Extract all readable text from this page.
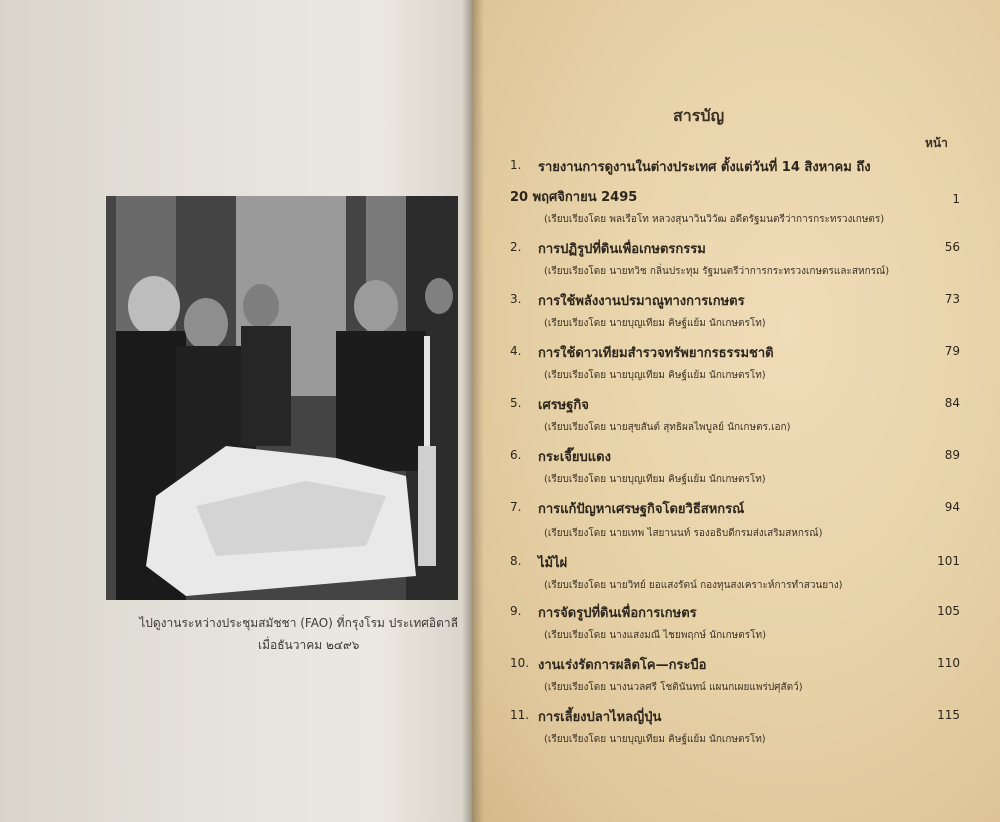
ไปดูงานระหว่างประชุมสมัชชา (FAO) ที่กรุงโรม ประเทศอิตาลี
เมื่อธันวาคม ๒๔๙๖
สารบัญ
หน้า
1. รายงานการดูงานในต่างประเทศ ตั้งแต่วันที่ 14 สิงหาคม ถึง
20 พฤศจิกายน 2495	1
(เรียบเรียงโดย พลเรือโท หลวงสุนาวินวิวัฒ อดีตรัฐมนตรีว่าการกระทรวงเกษตร)
2. การปฏิรูปที่ดินเพื่อเกษตรกรรม	56
(เรียบเรียงโดย นายทวิช กลิ่นประทุม รัฐมนตรีว่าการกระทรวงเกษตรและสหกรณ์)
3. การใช้พลังงานปรมาณูทางการเกษตร	73
(เรียบเรียงโดย นายบุญเทียม คิษฐ์แย้ม นักเกษตรโท)
4. การใช้ดาวเทียมสำรวจทรัพยากรธรรมชาติ	79
(เรียบเรียงโดย นายบุญเทียม คิษฐ์แย้ม นักเกษตรโท)
5. เศรษฐกิจ	84
(เรียบเรียงโดย นายสุขสันต์ สุทธิผลไพบูลย์ นักเกษตร.เอก)
6. กระเจี๊ยบแดง	89
(เรียบเรียงโดย นายบุญเทียม คิษฐ์แย้ม นักเกษตรโท)
7. การแก้ปัญหาเศรษฐกิจโดยวิธีสหกรณ์	94
(เรียบเรียงโดย นายเทพ ไสยานนท์ รองอธิบดีกรมส่งเสริมสหกรณ์)
8. ไม้ไผ่	101
(เรียบเรียงโดย นายวิทย์ ยอแสงรัตน์ กองทุนสงเคราะห์การทำสวนยาง)
9. การจัดรูปที่ดินเพื่อการเกษตร	105
(เรียบเรียงโดย นางแสงมณี ไชยพฤกษ์ นักเกษตรโท)
10. งานเร่งรัดการผลิตโค—กระบือ	110
(เรียบเรียงโดย นางนวลศรี โชตินันทน์ แผนกเผยแพร่ปศุสัตว์)
11. การเลี้ยงปลาไหลญี่ปุ่น	115
(เรียบเรียงโดย นายบุญเทียม คิษฐ์แย้ม นักเกษตรโท)
